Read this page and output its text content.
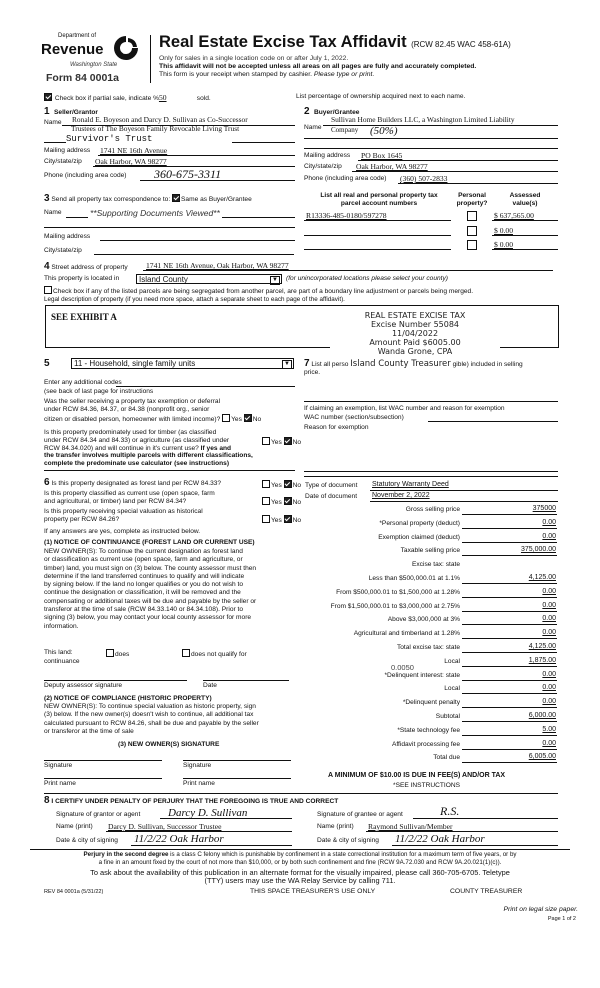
Department of
Revenue
Washington State
Form 84 0001a
Real Estate Excise Tax Affidavit (RCW 82.45 WAC 458-61A)
Only for sales in a single location code on or after July 1, 2022.
This affidavit will not be accepted unless all areas on all pages are fully and accurately completed.
This form is your receipt when stamped by cashier. Please type or print.
Check box if partial sale, indicate %50	sold.	List percentage of ownership acquired next to each name.
1 Seller/Grantor
Name Ronald E. Boyeson and Darcy D. Sullivan as Co-Successor
Trustees of The Boyeson Family Revocable Living Trust
Survivor's Trust
Mailing address 1741 NE 16th Avenue
City/state/zip Oak Harbor, WA 98277
Phone (including area code) 360-675-3311
2 Buyer/Grantee
Name
Sullivan Home Builders LLC, a Washington Limited Liability
Company (50%)
Mailing address PO Box 1645
City/state/zip Oak Harbor, WA 98277
Phone (including area code) (360) 507-2833
3 Send all property tax correspondence to: Same as Buyer/Grantee
Name	**Supporting Documents Viewed**
Mailing address
City/state/zip
List all real and personal property tax
parcel account numbers
Personal
property?
Assessed
value(s)
R13336-485-0180/597278	$ 637,565.00
$ 0.00
$ 0.00
4 Street address of property 1741 NE 16th Avenue, Oak Harbor, WA 98277
This property is located in	Island County	▼	(for unincorporated locations please select your county)
Check box if any of the listed parcels are being segregated from another parcel, are part of a boundary line adjustment or parcels being merged.
Legal description of property (if you need more space, attach a separate sheet to each page of the affidavit).
SEE EXHIBIT A	REAL ESTATE EXCISE TAX
Excise Number 55084
11/04/2022
Amount Paid $6005.00
Wanda Grone, CPA
5	11 - Household, single family units	▼
Enter any additional codes
(see back of last page for instructions
Was the seller receiving a property tax exemption or deferral
under RCW 84.36, 84.37, or 84.38 (nonprofit org., senior
citizen or disabled person, homeowner with limited income)? Yes No
Is this property predominately used for timber (as classified
under RCW 84.34 and 84.33) or agriculture (as classified under
RCW 84.34.020) and will continue in it's current use? If yes and
the transfer involves multiple parcels with different classifications,
complete the predominate use calculator (see instructions)
Yes No
7 List all perso Island County Treasurer gible) included in selling
price.
If claiming an exemption, list WAC number and reason for exemption
WAC number (section/subsection)
Reason for exemption
6 Is this property designated as forest land per RCW 84.33?	Yes No
Is this property classified as current use (open space, farm
and agricultural, or timber) land per RCW 84.34?	Yes No
Is this property receiving special valuation as historical
property per RCW 84.26?	Yes No
If any answers are yes, complete as instructed below.
(1) NOTICE OF CONTINUANCE (FOREST LAND OR CURRENT USE)
NEW OWNER(S): To continue the current designation as forest land
or classification as current use (open space, farm and agriculture, or
timber) land, you must sign on (3) below. The county assessor must then
determine if the land transferred continues to qualify and will indicate
by signing below. If the land no longer qualifies or you do not wish to
continue the designation or classification, it will be removed and the
compensating or additional taxes will be due and payable by the seller or
transferor at the time of sale (RCW 84.33.140 or 84.34.108). Prior to
signing (3) below, you may contact your local county assessor for more
information.
This land:
continuance
does	does not qualify for
Deputy assessor signature	Date
(2) NOTICE OF COMPLIANCE (HISTORIC PROPERTY)
NEW OWNER(S): To continue special valuation as historic property, sign
(3) below. If the new owner(s) doesn't wish to continue, all additional tax
calculated pursuant to RCW 84.26, shall be due and payable by the seller
or transferor at the time of sale
(3) NEW OWNER(S) SIGNATURE
Signature	Signature
Print name	Print name
Type of document Statutory Warranty Deed
Date of document November 2, 2022
Gross selling price	375000
*Personal property (deduct)	0.00
Exemption claimed (deduct)	0.00
Taxable selling price	375,000.00
Excise tax: state
Less than $500,000.01 at 1.1%	4,125.00
From $500,000.01 to $1,500,000 at 1.28%	0.00
From $1,500,000.01 to $3,000,000 at 2.75%	0.00
Above $3,000,000 at 3%	0.00
Agricultural and timberland at 1.28%	0.00
Total excise tax: state	4,125.00
Local	1,875.00
*Delinquent interest: state	0.00
Local	0.00
*Delinquent penalty	0.00
Subtotal	6,000.00
*State technology fee	5.00
Affidavit processing fee	0.00
Total due	6,005.00
0.0050
A MINIMUM OF $10.00 IS DUE IN FEE(S) AND/OR TAX
*SEE INSTRUCTIONS
8 I CERTIFY UNDER PENALTY OF PERJURY THAT THE FOREGOING IS TRUE AND CORRECT
Signature of grantor or agent	Darcy D. Sullivan
Name (print) Darcy D. Sullivan, Successor Trustee
Date & city of signing 11/2/22 Oak Harbor
Signature of grantee or agent	R.S.
Name (print) Raymond Sullivan/Member
Date & city of signing 11/2/22 Oak Harbor
Perjury in the second degree is a class C felony which is punishable by confinement in a state correctional institution for a maximum term of five years, or by
a fine in an amount fixed by the court of not more than $10,000, or by both such confinement and fine (RCW 9A.72.030 and RCW 9A.20.021(1)(c)).
To ask about the availability of this publication in an alternate format for the visually impaired, please call 360-705-6705. Teletype
(TTY) users may use the WA Relay Service by calling 711.
REV 84 0001a (5/31/22)	THIS SPACE TREASURER'S USE ONLY	COUNTY TREASURER
Print on legal size paper.
Page 1 of 2
